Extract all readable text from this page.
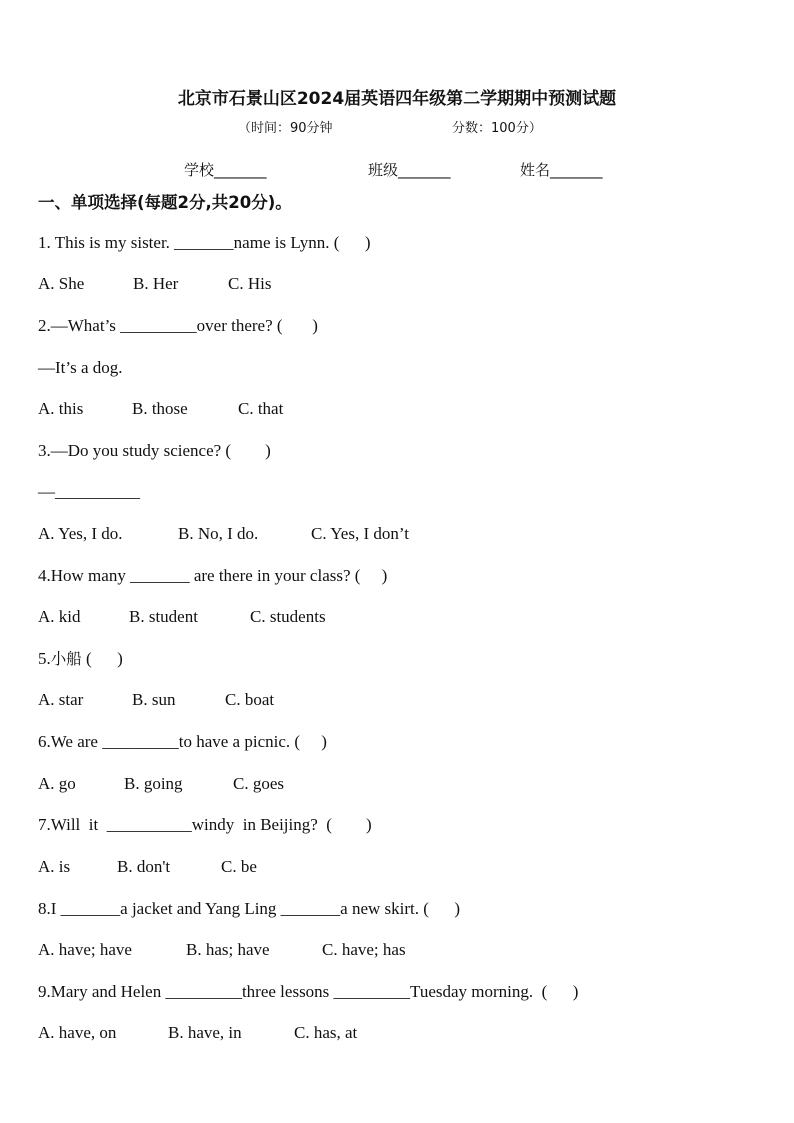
北京市石景山区2024届英语四年级第二学期期中预测试题
（时间：90分钟	分数：100分）
学校_______	班级_______	姓名_______
一、单项选择(每题2分,共20分)。
1. This is my sister. _______name is Lynn. (      )
A. She	B. Her	C. His
2.—What’s _________over there? (       )
—It’s a dog.
A. this	B. those	C. that
3.—Do you study science? (        )
—__________
A. Yes, I do.	B. No, I do.	C. Yes, I don’t
4.How many _______ are there in your class? (     )
A. kid	B. student	C. students
5.小船 (      )
A. star	B. sun	C. boat
6.We are _________to have a picnic. (     )
A. go	B. going	C. goes
7.Will  it  __________windy  in Beijing?  (        )
A. is	B. don't	C. be
8.I _______a jacket and Yang Ling _______a new skirt. (      )
A. have; have	B. has; have	C. have; has
9.Mary and Helen _________three lessons _________Tuesday morning.  (      )
A. have, on	B. have, in	C. has, at
